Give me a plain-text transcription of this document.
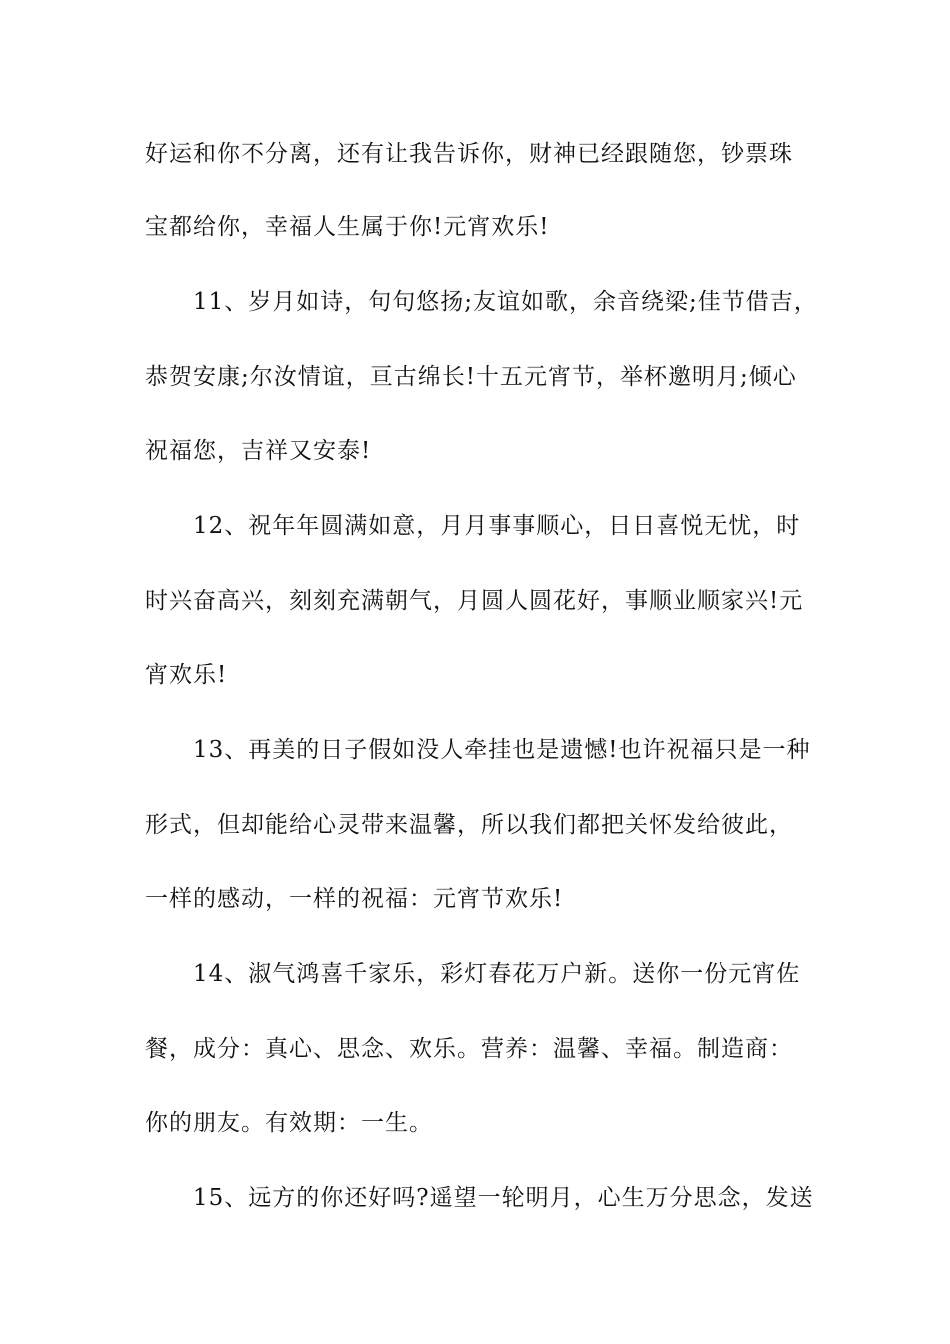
好运和你不分离，还有让我告诉你，财神已经跟随您，钞票珠
宝都给你，幸福人生属于你!元宵欢乐!
11、岁月如诗，句句悠扬;友谊如歌，余音绕梁;佳节借吉，
恭贺安康;尔汝情谊，亘古绵长!十五元宵节，举杯邀明月;倾心
祝福您，吉祥又安泰!
12、祝年年圆满如意，月月事事顺心，日日喜悦无忧，时
时兴奋高兴，刻刻充满朝气，月圆人圆花好，事顺业顺家兴!元
宵欢乐!
13、再美的日子假如没人牵挂也是遗憾!也许祝福只是一种
形式，但却能给心灵带来温馨，所以我们都把关怀发给彼此，
一样的感动，一样的祝福：元宵节欢乐!
14、淑气鸿喜千家乐，彩灯春花万户新。送你一份元宵佐
餐，成分：真心、思念、欢乐。营养：温馨、幸福。制造商：
你的朋友。有效期：一生。
15、远方的你还好吗?遥望一轮明月，心生万分思念，发送
